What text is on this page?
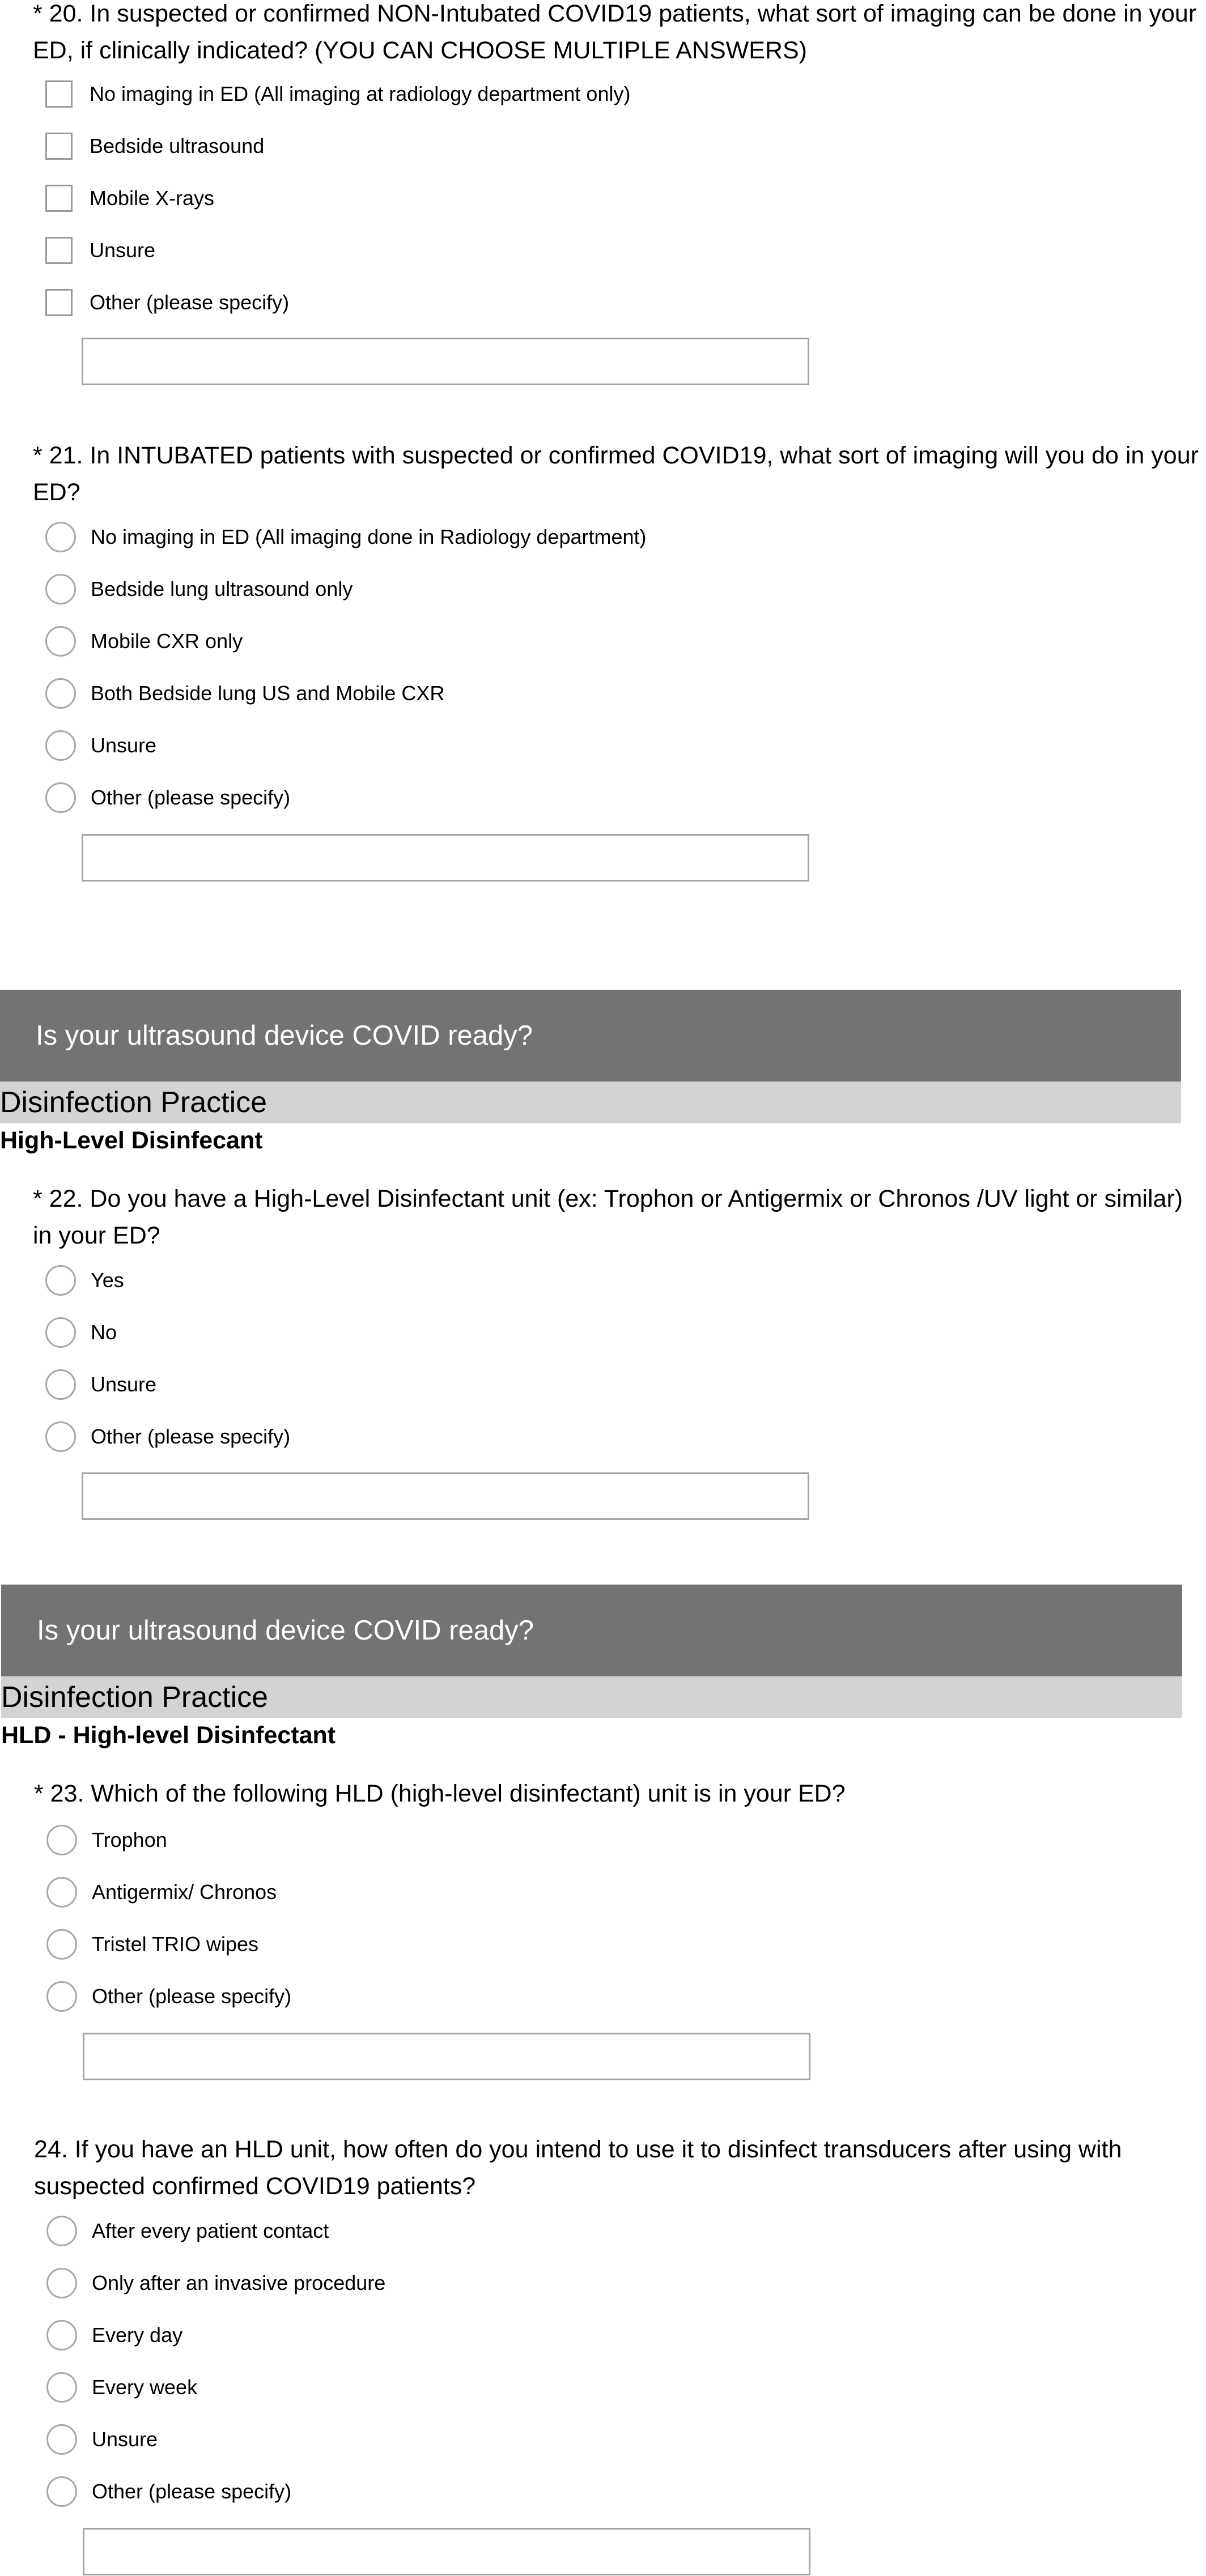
* 20. In suspected or confirmed NON-Intubated COVID19 patients, what sort of imaging can be done in your ED, if clinically indicated? (YOU CAN CHOOSE MULTIPLE ANSWERS)

No imaging in ED (All imaging at radiology department only)
Bedside ultrasound
Mobile X-rays
Unsure
Other (please specify)

* 21. In INTUBATED patients with suspected or confirmed COVID19, what sort of imaging will you do in your ED?

No imaging in ED (All imaging done in Radiology department)
Bedside lung ultrasound only
Mobile CXR only
Both Bedside lung US and Mobile CXR
Unsure
Other (please specify)
Is your ultrasound device COVID ready?
Disinfection Practice
High-Level Disinfecant

* 22. Do you have a High-Level Disinfectant unit (ex: Trophon or Antigermix or Chronos /UV light or similar) in your ED?

Yes
No
Unsure
Other (please specify)
Is your ultrasound device COVID ready?
Disinfection Practice
HLD - High-level Disinfectant

* 23. Which of the following HLD (high-level disinfectant) unit is in your ED?

Trophon
Antigermix/ Chronos
Tristel TRIO wipes
Other (please specify)

24. If you have an HLD unit, how often do you intend to use it to disinfect transducers after using with suspected confirmed COVID19 patients?

After every patient contact
Only after an invasive procedure
Every day
Every week
Unsure
Other (please specify)
